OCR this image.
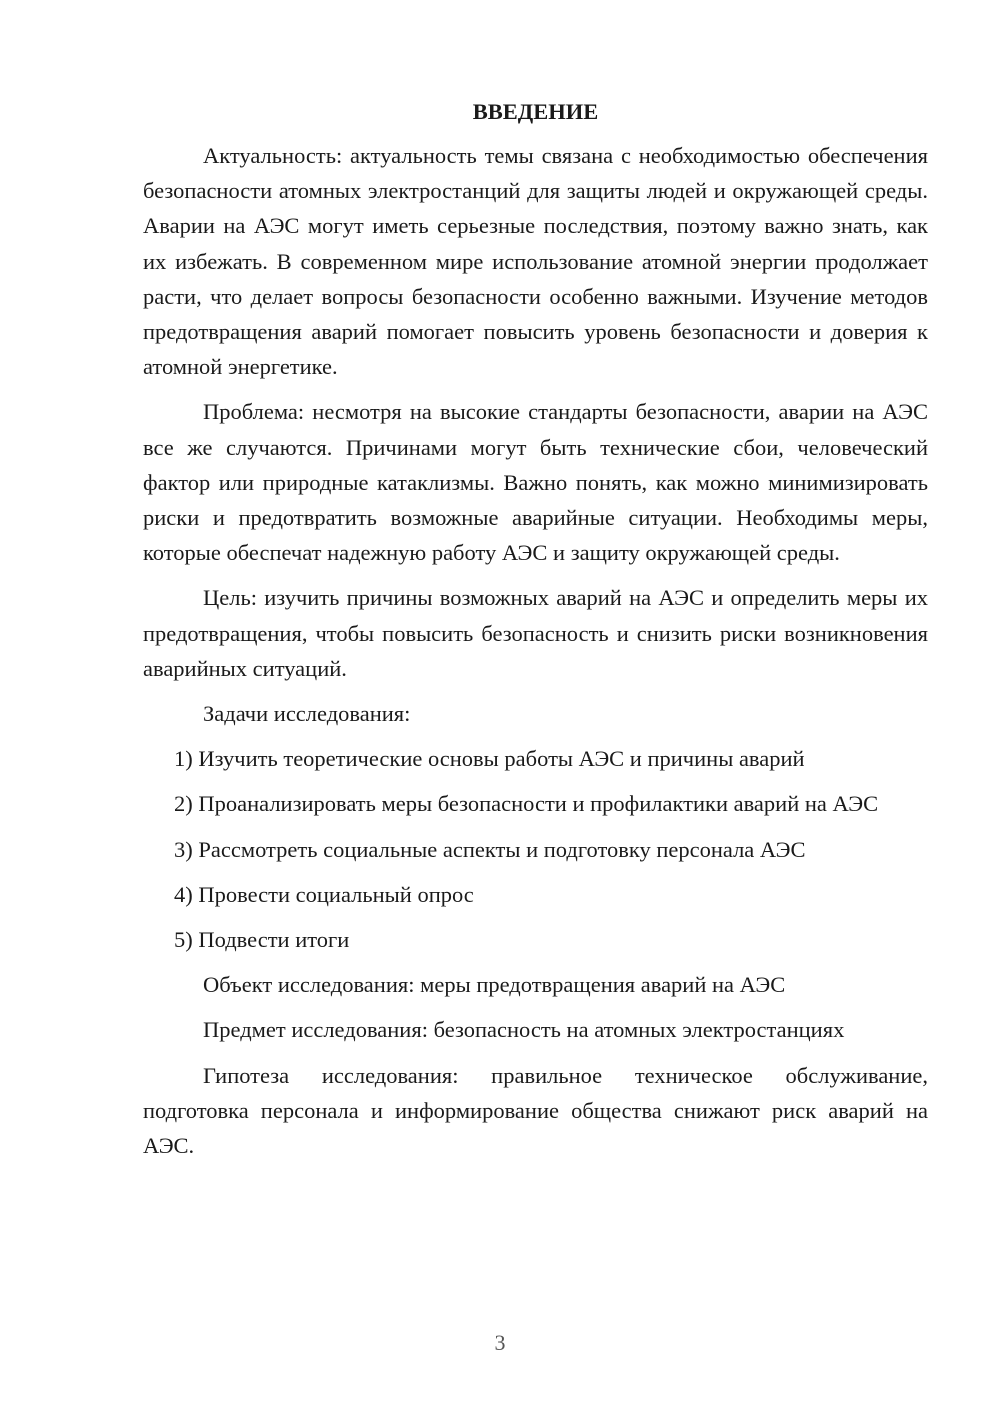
ВВЕДЕНИЕ

Актуальность: актуальность темы связана с необходимостью обеспечения безопасности атомных электростанций для защиты людей и окружающей среды. Аварии на АЭС могут иметь серьезные последствия, поэтому важно знать, как их избежать. В современном мире использование атомной энергии продолжает расти, что делает вопросы безопасности особенно важными. Изучение методов предотвращения аварий помогает повысить уровень безопасности и доверия к атомной энергетике.

Проблема: несмотря на высокие стандарты безопасности, аварии на АЭС все же случаются. Причинами могут быть технические сбои, человеческий фактор или природные катаклизмы. Важно понять, как можно минимизировать риски и предотвратить возможные аварийные ситуации. Необходимы меры, которые обеспечат надежную работу АЭС и защиту окружающей среды.

Цель: изучить причины возможных аварий на АЭС и определить меры их предотвращения, чтобы повысить безопасность и снизить риски возникновения аварийных ситуаций.

Задачи исследования:

1) Изучить теоретические основы работы АЭС и причины аварий

2) Проанализировать меры безопасности и профилактики аварий на АЭС

3) Рассмотреть социальные аспекты и подготовку персонала АЭС

4) Провести социальный опрос

5) Подвести итоги

Объект исследования: меры предотвращения аварий на АЭС

Предмет исследования: безопасность на атомных электростанциях

Гипотеза исследования: правильное техническое обслуживание, подготовка персонала и информирование общества снижают риск аварий на АЭС.

3
